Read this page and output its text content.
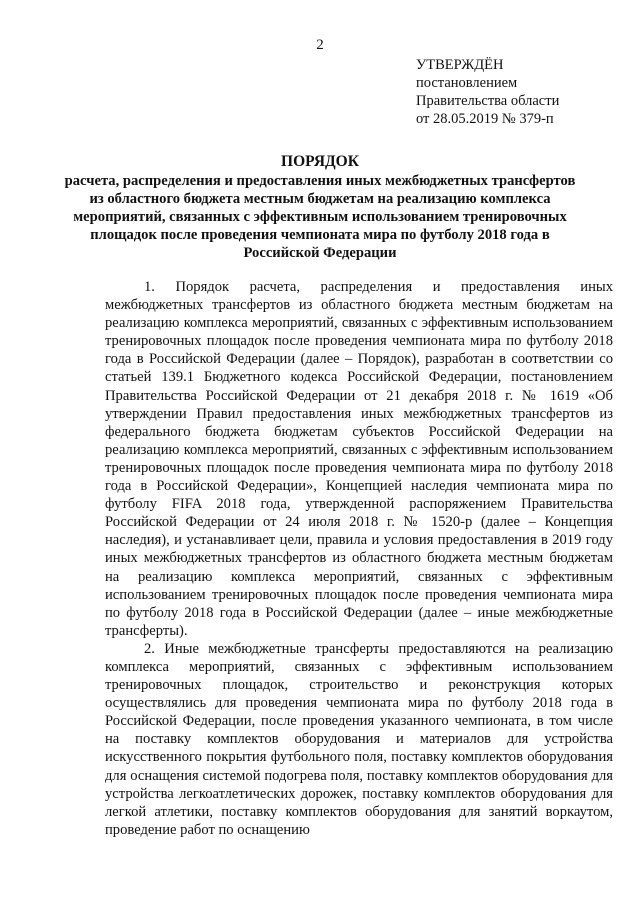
2
УТВЕРЖДЁН
постановлением
Правительства области
от 28.05.2019 № 379-п
ПОРЯДОК
расчета, распределения и предоставления иных межбюджетных трансфертов из областного бюджета местным бюджетам на реализацию комплекса мероприятий, связанных с эффективным использованием тренировочных площадок после проведения чемпионата мира по футболу 2018 года в Российской Федерации

1. Порядок расчета, распределения и предоставления иных межбюджетных трансфертов из областного бюджета местным бюджетам на реализацию комплекса мероприятий, связанных с эффективным использованием тренировочных площадок после проведения чемпионата мира по футболу 2018 года в Российской Федерации (далее – Порядок), разработан в соответствии со статьей 139.1 Бюджетного кодекса Российской Федерации, постановлением Правительства Российской Федерации от 21 декабря 2018 г. № 1619 «Об утверждении Правил предоставления иных межбюджетных трансфертов из федерального бюджета бюджетам субъектов Российской Федерации на реализацию комплекса мероприятий, связанных с эффективным использованием тренировочных площадок после проведения чемпионата мира по футболу 2018 года в Российской Федерации», Концепцией наследия чемпионата мира по футболу FIFA 2018 года, утвержденной распоряжением Правительства Российской Федерации от 24 июля 2018 г. № 1520-р (далее – Концепция наследия), и устанавливает цели, правила и условия предоставления в 2019 году иных межбюджетных трансфертов из областного бюджета местным бюджетам на реализацию комплекса мероприятий, связанных с эффективным использованием тренировочных площадок после проведения чемпионата мира по футболу 2018 года в Российской Федерации (далее – иные межбюджетные трансферты).

2. Иные межбюджетные трансферты предоставляются на реализацию комплекса мероприятий, связанных с эффективным использованием тренировочных площадок, строительство и реконструкция которых осуществлялись для проведения чемпионата мира по футболу 2018 года в Российской Федерации, после проведения указанного чемпионата, в том числе на поставку комплектов оборудования и материалов для устройства искусственного покрытия футбольного поля, поставку комплектов оборудования для оснащения системой подогрева поля, поставку комплектов оборудования для устройства легкоатлетических дорожек, поставку комплектов оборудования для легкой атлетики, поставку комплектов оборудования для занятий воркаутом, проведение работ по оснащению
